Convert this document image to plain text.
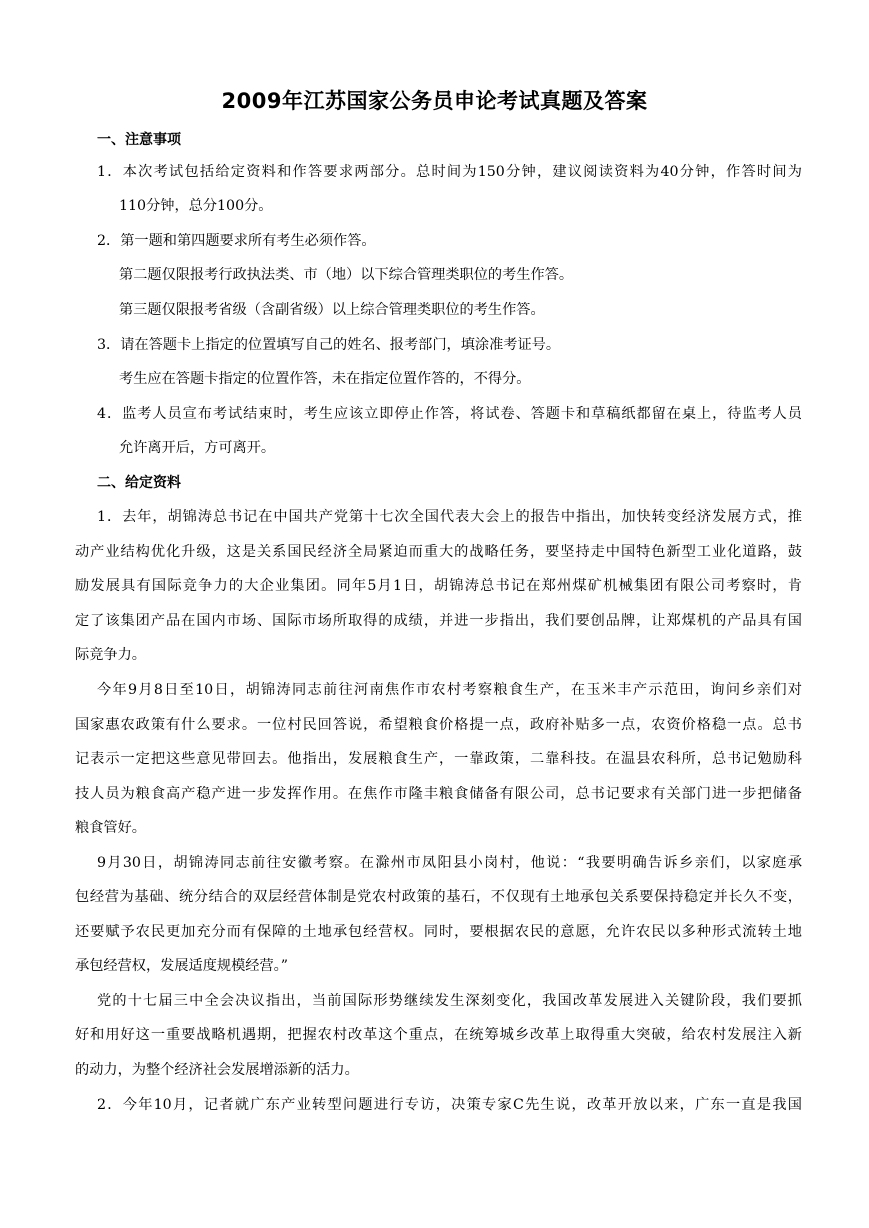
2009年江苏国家公务员申论考试真题及答案
一、注意事项
1．本次考试包括给定资料和作答要求两部分。总时间为150分钟，建议阅读资料为40分钟，作答时间为
110分钟，总分100分。
2．第一题和第四题要求所有考生必须作答。
第二题仅限报考行政执法类、市（地）以下综合管理类职位的考生作答。
第三题仅限报考省级（含副省级）以上综合管理类职位的考生作答。
3．请在答题卡上指定的位置填写自己的姓名、报考部门，填涂准考证号。
考生应在答题卡指定的位置作答，未在指定位置作答的，不得分。
4．监考人员宣布考试结束时，考生应该立即停止作答，将试卷、答题卡和草稿纸都留在桌上，待监考人员
允许离开后，方可离开。
二、给定资料
1．去年，胡锦涛总书记在中国共产党第十七次全国代表大会上的报告中指出，加快转变经济发展方式，推
动产业结构优化升级，这是关系国民经济全局紧迫而重大的战略任务，要坚持走中国特色新型工业化道路，鼓
励发展具有国际竞争力的大企业集团。同年5月1日，胡锦涛总书记在郑州煤矿机械集团有限公司考察时，肯
定了该集团产品在国内市场、国际市场所取得的成绩，并进一步指出，我们要创品牌，让郑煤机的产品具有国
际竞争力。
今年9月8日至10日，胡锦涛同志前往河南焦作市农村考察粮食生产，在玉米丰产示范田，询问乡亲们对
国家惠农政策有什么要求。一位村民回答说，希望粮食价格提一点，政府补贴多一点，农资价格稳一点。总书
记表示一定把这些意见带回去。他指出，发展粮食生产，一靠政策，二靠科技。在温县农科所，总书记勉励科
技人员为粮食高产稳产进一步发挥作用。在焦作市隆丰粮食储备有限公司，总书记要求有关部门进一步把储备
粮食管好。
9月30日，胡锦涛同志前往安徽考察。在滁州市凤阳县小岗村，他说：“我要明确告诉乡亲们，以家庭承
包经营为基础、统分结合的双层经营体制是党农村政策的基石，不仅现有土地承包关系要保持稳定并长久不变，
还要赋予农民更加充分而有保障的土地承包经营权。同时，要根据农民的意愿，允许农民以多种形式流转土地
承包经营权，发展适度规模经营。”
党的十七届三中全会决议指出，当前国际形势继续发生深刻变化，我国改革发展进入关键阶段，我们要抓
好和用好这一重要战略机遇期，把握农村改革这个重点，在统筹城乡改革上取得重大突破，给农村发展注入新
的动力，为整个经济社会发展增添新的活力。
2．今年10月，记者就广东产业转型问题进行专访，决策专家C先生说，改革开放以来，广东一直是我国
